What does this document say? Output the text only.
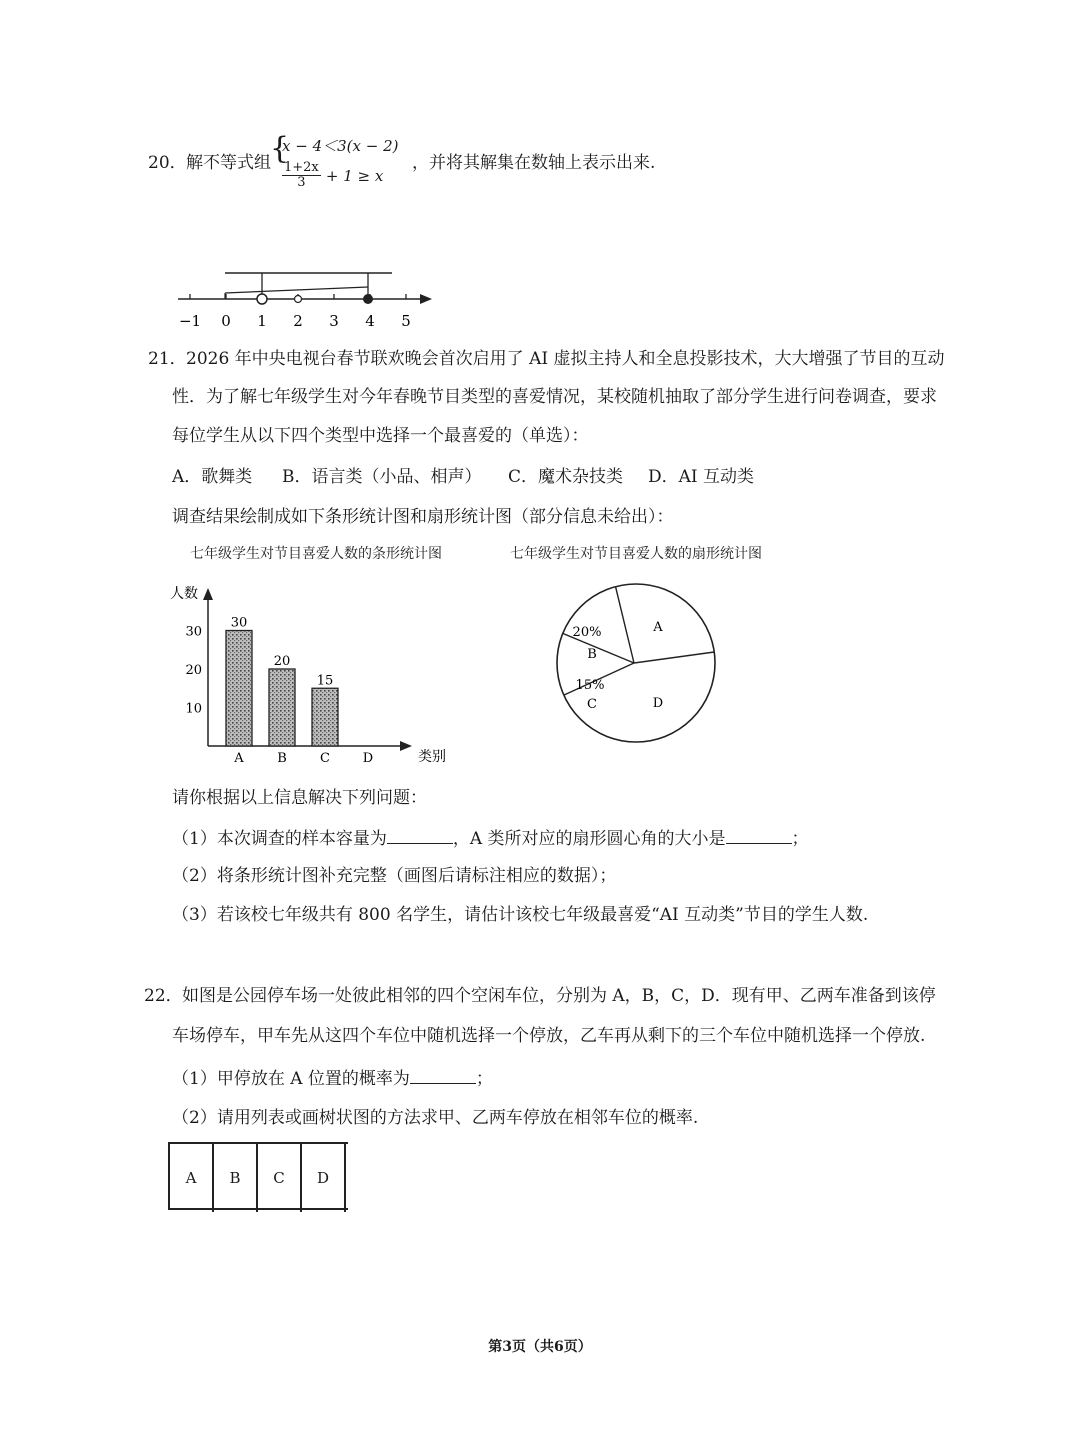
20． 解不等式组 {
x − 4＜3(x − 2)
$\frac{1+2x}{3} + 1 \ge x$
，并将其解集在数轴上表示出来.
−1 0 1 2 3 4 5
21． 2026 年中央电视台春节联欢晚会首次启用了 AI 虚拟主持人和全息投影技术，大大增强了节目的互动
性．为了解七年级学生对今年春晚节目类型的喜爱情况，某校随机抽取了部分学生进行问卷调查，要求
每位学生从以下四个类型中选择一个最喜爱的（单选）：
A．歌舞类 B．语言类（小品、相声） C．魔术杂技类 D．AI 互动类
调查结果绘制成如下条形统计图和扇形统计图（部分信息未给出）：
七年级学生对节目喜爱人数的条形统计图	七年级学生对节目喜爱人数的扇形统计图
人数
类别
10
20
30
30
A
20
B
15
C	D
A
20%
B
15%
C	D
请你根据以上信息解决下列问题：
（1）本次调查的样本容量为	，A 类所对应的扇形圆心角的大小是	；
（2）将条形统计图补充完整（画图后请标注相应的数据）；
（3）若该校七年级共有 800 名学生，请估计该校七年级最喜爱“AI 互动类”节目的学生人数.
22． 如图是公园停车场一处彼此相邻的四个空闲车位，分别为 A，B，C，D．现有甲、乙两车准备到该停
车场停车，甲车先从这四个车位中随机选择一个停放，乙车再从剩下的三个车位中随机选择一个停放.
（1）甲停放在 A 位置的概率为	；
（2）请用列表或画树状图的方法求甲、乙两车停放在相邻车位的概率.
A	B	C	D
第3页（共6页）
